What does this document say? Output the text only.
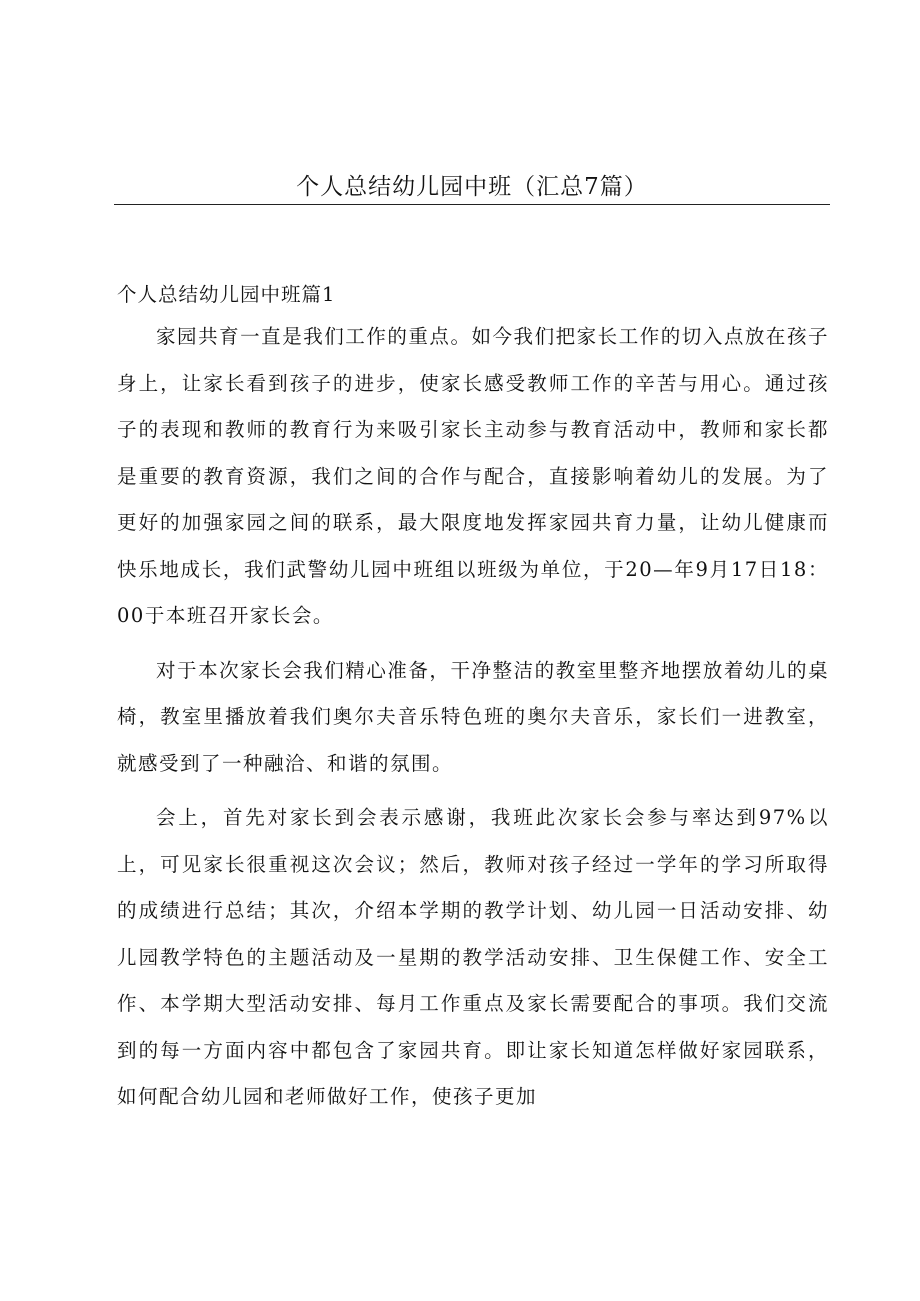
个人总结幼儿园中班（汇总7篇）

个人总结幼儿园中班篇1

家园共育一直是我们工作的重点。如今我们把家长工作的切入点放在孩子身上，让家长看到孩子的进步，使家长感受教师工作的辛苦与用心。通过孩子的表现和教师的教育行为来吸引家长主动参与教育活动中，教师和家长都是重要的教育资源，我们之间的合作与配合，直接影响着幼儿的发展。为了更好的加强家园之间的联系，最大限度地发挥家园共育力量，让幼儿健康而快乐地成长，我们武警幼儿园中班组以班级为单位，于20—年9月17日18：00于本班召开家长会。

对于本次家长会我们精心准备，干净整洁的教室里整齐地摆放着幼儿的桌椅，教室里播放着我们奥尔夫音乐特色班的奥尔夫音乐，家长们一进教室，就感受到了一种融洽、和谐的氛围。

会上，首先对家长到会表示感谢，我班此次家长会参与率达到97%以上，可见家长很重视这次会议；然后，教师对孩子经过一学年的学习所取得的成绩进行总结；其次，介绍本学期的教学计划、幼儿园一日活动安排、幼儿园教学特色的主题活动及一星期的教学活动安排、卫生保健工作、安全工作、本学期大型活动安排、每月工作重点及家长需要配合的事项。我们交流到的每一方面内容中都包含了家园共育。即让家长知道怎样做好家园联系，如何配合幼儿园和老师做好工作，使孩子更加
